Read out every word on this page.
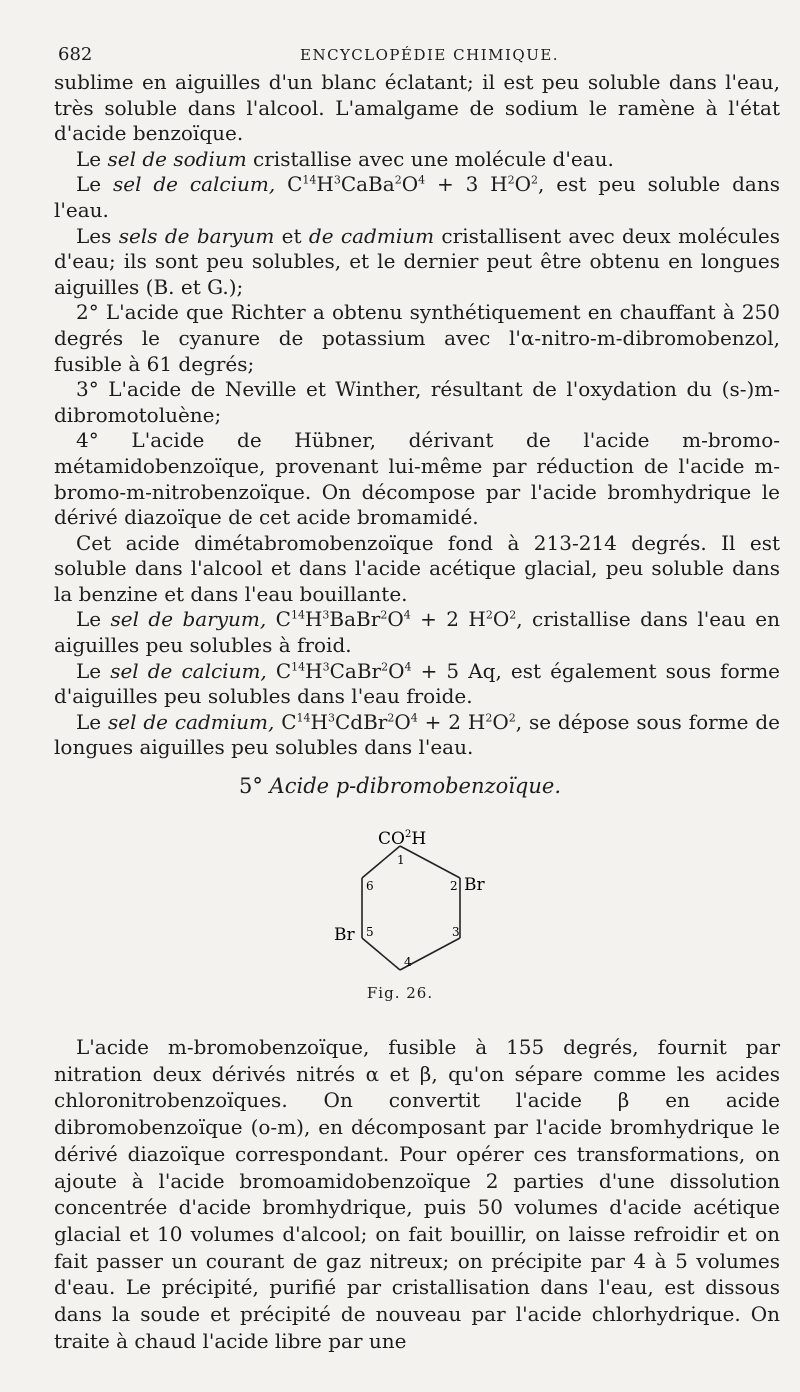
682	ENCYCLOPÉDIE CHIMIQUE.

sublime en aiguilles d'un blanc éclatant; il est peu soluble dans l'eau, très soluble dans l'alcool. L'amalgame de sodium le ramène à l'état d'acide benzoïque.

Le sel de sodium cristallise avec une molécule d'eau.

Le sel de calcium, $C^{14}H^3CaBa^2O^4 + 3$ $H^2O^2$, est peu soluble dans l'eau.

Les sels de baryum et de cadmium cristallisent avec deux molécules d'eau; ils sont peu solubles, et le dernier peut être obtenu en longues aiguilles (B. et G.);

2° L'acide que Richter a obtenu synthétiquement en chauffant à 250 degrés le cyanure de potassium avec l'α-nitro-m-dibromobenzol, fusible à 61 degrés;

3° L'acide de Neville et Winther, résultant de l'oxydation du (s-)m-dibromotoluène;

4° L'acide de Hübner, dérivant de l'acide m-bromo-métamidobenzoïque, provenant lui-même par réduction de l'acide m-bromo-m-nitrobenzoïque. On décompose par l'acide bromhydrique le dérivé diazoïque de cet acide bromamidé.

Cet acide dimétabromobenzoïque fond à 213-214 degrés. Il est soluble dans l'alcool et dans l'acide acétique glacial, peu soluble dans la benzine et dans l'eau bouillante.

Le sel de baryum, $C^{14}H^3BaBr^2O^4 + 2$ $H^2O^2$, cristallise dans l'eau en aiguilles peu solubles à froid.

Le sel de calcium, $C^{14}H^3CaBr^2O^4 + 5$ Aq, est également sous forme d'aiguilles peu solubles dans l'eau froide.

Le sel de cadmium, $C^{14}H^3CdBr^2O^4 + 2$ $H^2O^2$, se dépose sous forme de longues aiguilles peu solubles dans l'eau.

5° Acide p-dibromobenzoïque.
$CO^2H$
1
2
3
4
5
6	Br
Br
Fig. 26.

L'acide m-bromobenzoïque, fusible à 155 degrés, fournit par nitration deux dérivés nitrés α et β, qu'on sépare comme les acides chloronitrobenzoïques. On convertit l'acide β en acide dibromobenzoïque (o-m), en décomposant par l'acide bromhydrique le dérivé diazoïque correspondant. Pour opérer ces transformations, on ajoute à l'acide bromoamidobenzoïque 2 parties d'une dissolution concentrée d'acide bromhydrique, puis 50 volumes d'acide acétique glacial et 10 volumes d'alcool; on fait bouillir, on laisse refroidir et on fait passer un courant de gaz nitreux; on précipite par 4 à 5 volumes d'eau. Le précipité, purifié par cristallisation dans l'eau, est dissous dans la soude et précipité de nouveau par l'acide chlorhydrique. On traite à chaud l'acide libre par une
